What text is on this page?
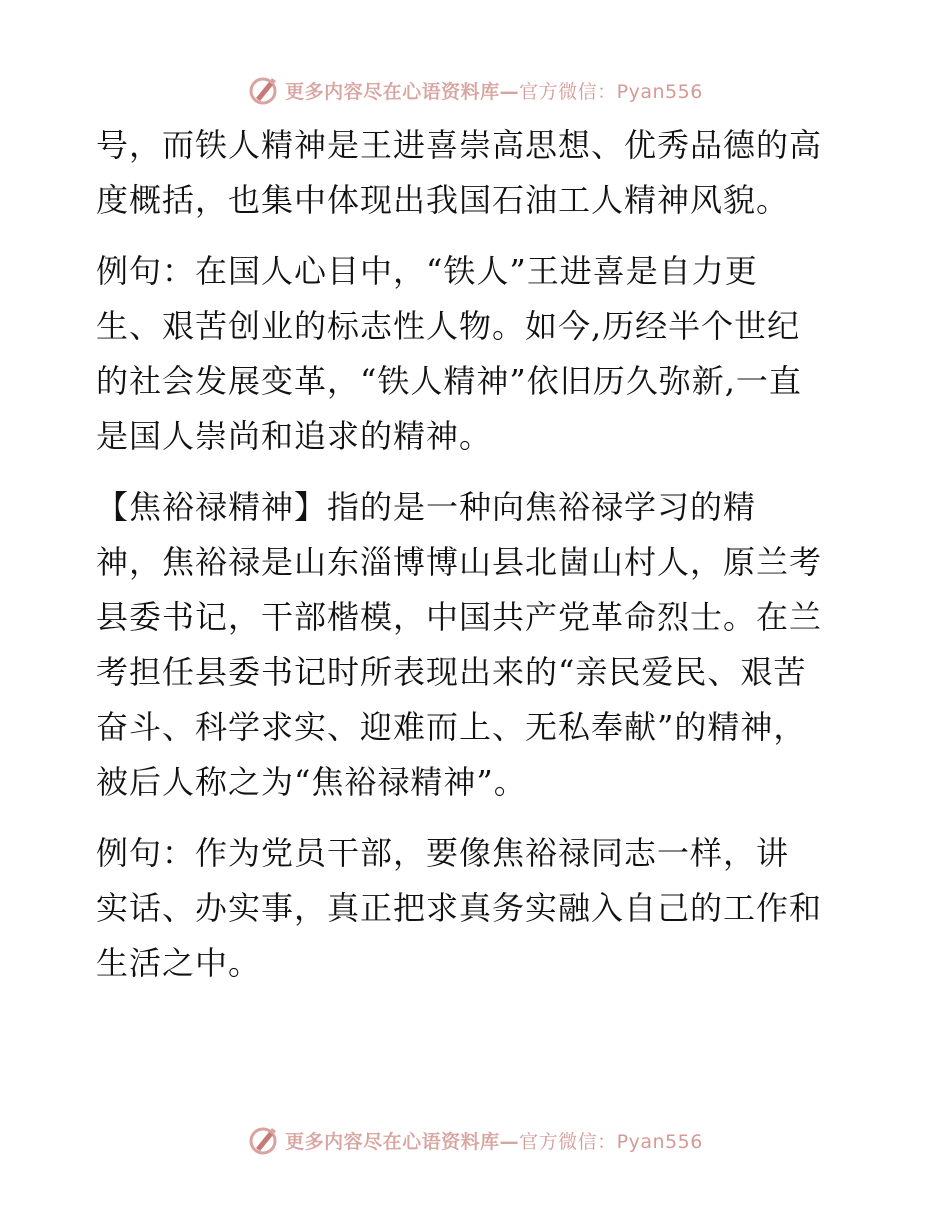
更多内容尽在心语资料库—官方微信：Pyan556
号，而铁人精神是王进喜崇高思想、优秀品德的高
度概括，也集中体现出我国石油工人精神风貌。
例句：在国人心目中，“铁人”王进喜是自力更
生、艰苦创业的标志性人物。如今,历经半个世纪
的社会发展变革，“铁人精神”依旧历久弥新,一直
是国人崇尚和追求的精神。
【焦裕禄精神】指的是一种向焦裕禄学习的精
神，焦裕禄是山东淄博博山县北崮山村人，原兰考
县委书记，干部楷模，中国共产党革命烈士。在兰
考担任县委书记时所表现出来的“亲民爱民、艰苦
奋斗、科学求实、迎难而上、无私奉献”的精神，
被后人称之为“焦裕禄精神”。
例句：作为党员干部，要像焦裕禄同志一样，讲
实话、办实事，真正把求真务实融入自己的工作和
生活之中。
更多内容尽在心语资料库—官方微信：Pyan556
